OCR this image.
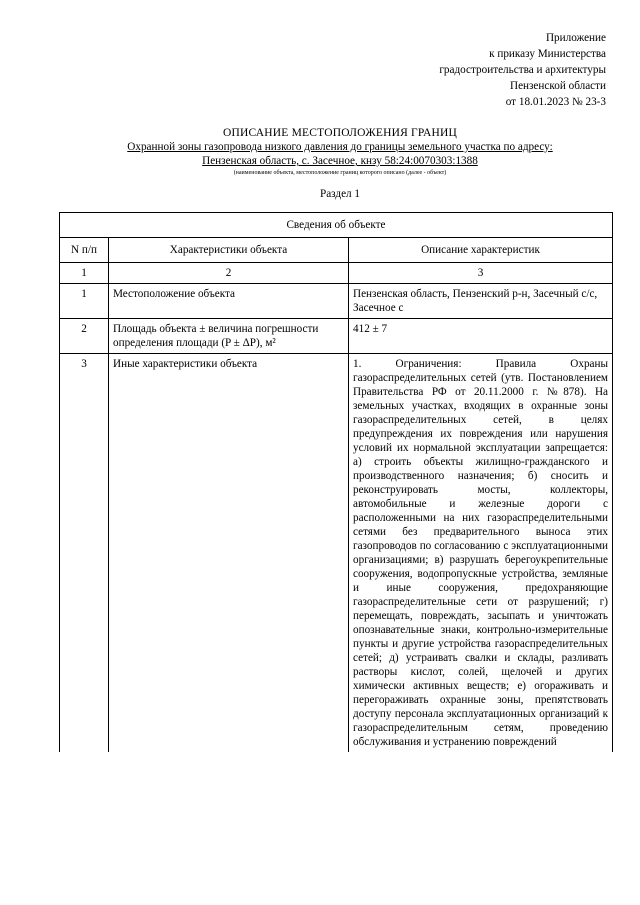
Приложение
к приказу Министерства
градостроительства и архитектуры
Пензенской области
от 18.01.2023 № 23-3
ОПИСАНИЕ МЕСТОПОЛОЖЕНИЯ ГРАНИЦ
Охранной зоны газопровода низкого давления до границы земельного участка по адресу:
Пензенская область, с. Засечное, кнзу 58:24:0070303:1388
(наименование объекта, местоположение границ которого описано (далее - объект)
Раздел 1
Сведения об объекте		
N п/п	Характеристики объекта	Описание характеристик
1	2	3
1	Местоположение объекта	Пензенская область, Пензенский р-н, Засечный с/с, Засечное с
2	Площадь объекта ± величина погрешности определения площади (P ± ΔP), м²	412 ± 7
3	Иные характеристики объекта	1. Ограничения: Правила Охраны газораспределительных сетей (утв. Постановлением Правительства РФ от 20.11.2000 г. №878). На земельных участках, входящих в охранные зоны газораспределительных сетей, в целях предупреждения их повреждения или нарушения условий их нормальной эксплуатации запрещается: а) строить объекты жилищно-гражданского и производственного назначения; б) сносить и реконструировать мосты, коллекторы, автомобильные и железные дороги с расположенными на них газораспределительными сетями без предварительного выноса этих газопроводов по согласованию с эксплуатационными организациями; в) разрушать берегоукрепительные сооружения, водопропускные устройства, земляные и иные сооружения, предохраняющие газораспределительные сети от разрушений; г) перемещать, повреждать, засыпать и уничтожать опознавательные знаки, контрольно-измерительные пункты и другие устройства газораспределительных сетей; д) устраивать свалки и склады, разливать растворы кислот, солей, щелочей и других химически активных веществ; е) огораживать и перегораживать охранные зоны, препятствовать доступу персонала эксплуатационных организаций к газораспределительным сетям, проведению обслуживания и устранению повреждений
